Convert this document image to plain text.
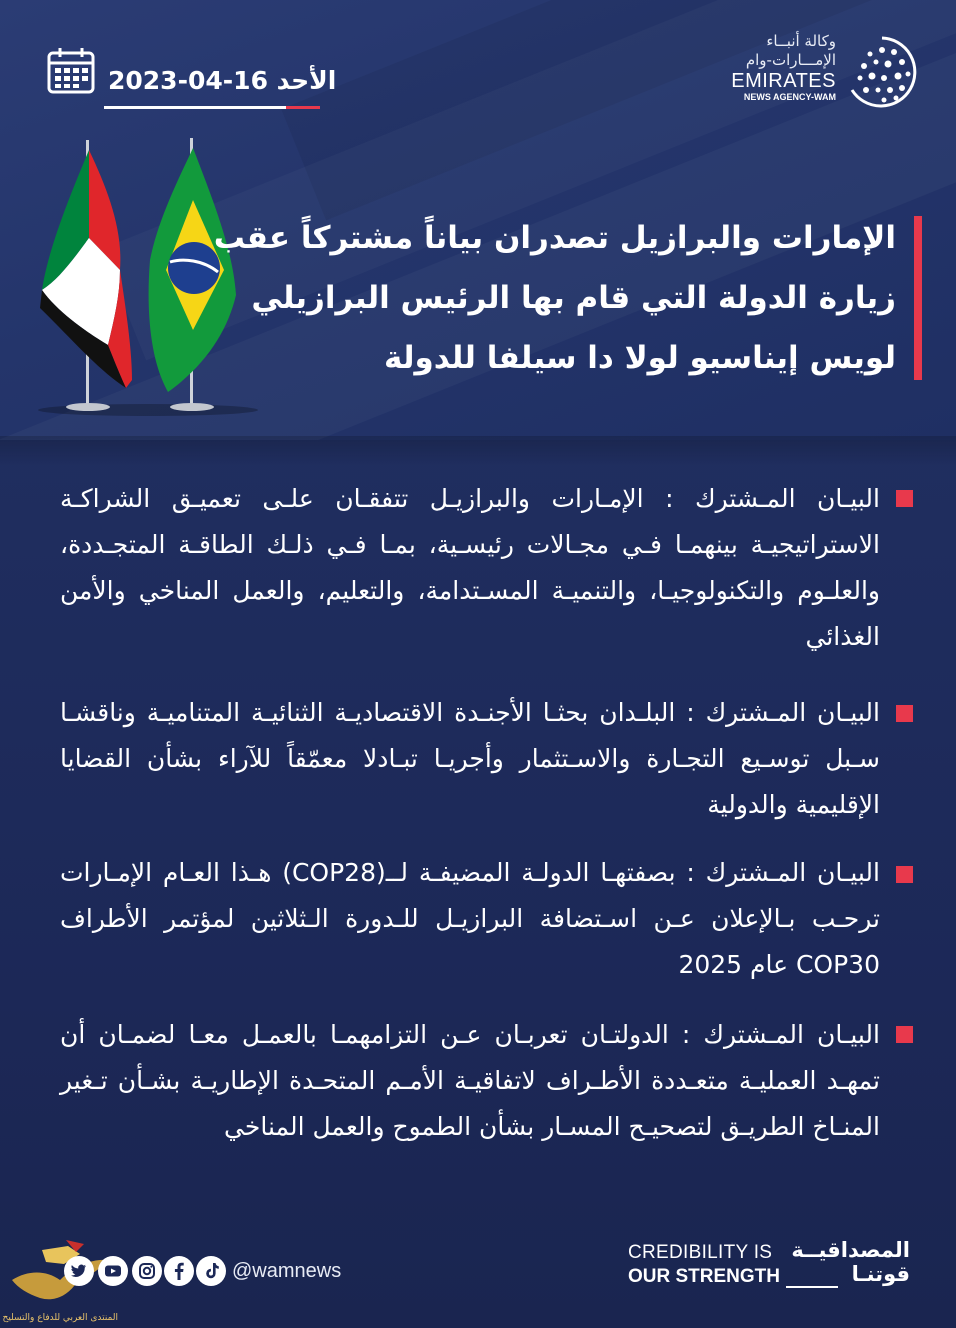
وكالة أنبــاء
الإمـــارات-وام
EMIRATES
NEWS AGENCY-WAM
الأحد 16-04-2023
الإمارات والبرازيل تصدران بياناً مشتركاً عقب
زيارة الدولة التي قام بها الرئيس البرازيلي
لويس إيناسيو لولا دا سيلفا للدولة
البيـان المـشترك : الإمـارات والبرازيـل تتفقـان علـى تعميـق الشراكـة الاستراتيجيـة بينهمـا فـي مجـالات رئيسـية، بمـا فـي ذلـك الطاقـة المتجـددة، والعلـوم والتكنولوجيـا، والتنميـة المسـتدامة، والتعليم، والعمل المناخي والأمن الغذائي
البيـان المـشترك : البلـدان بحثـا الأجنـدة الاقتصاديـة الثنائيـة المتناميـة وناقشـا سـبل توسـيع التجـارة والاسـتثمار وأجريـا تبـادلا معمّقاً للآراء بشأن القضايا الإقليمية والدولية
البيـان المـشترك : بصفتهـا الدولـة المضيفـة لــ(COP28) هـذا العـام الإمـارات ترحـب بـالإعلان عـن اسـتضافة البرازيـل للـدورة الـثلاثين لمؤتمر الأطراف COP30 عام 2025
البيـان المـشترك : الدولتـان تعربـان عـن التزامهمـا بالعمـل معـا لضمـان أن تمهـد العمليـة متعـددة الأطـراف لاتفاقيـة الأمـم المتحـدة الإطاريـة بشـأن تـغير المنـاخ الطريـق لتصحيـح المسـار بشأن الطموح والعمل المناخي
المنتدى العربي للدفاع والتسليح
@wamnews
CREDIBILITY IS
OUR STRENGTH
المصداقيــة
قوتنـا
